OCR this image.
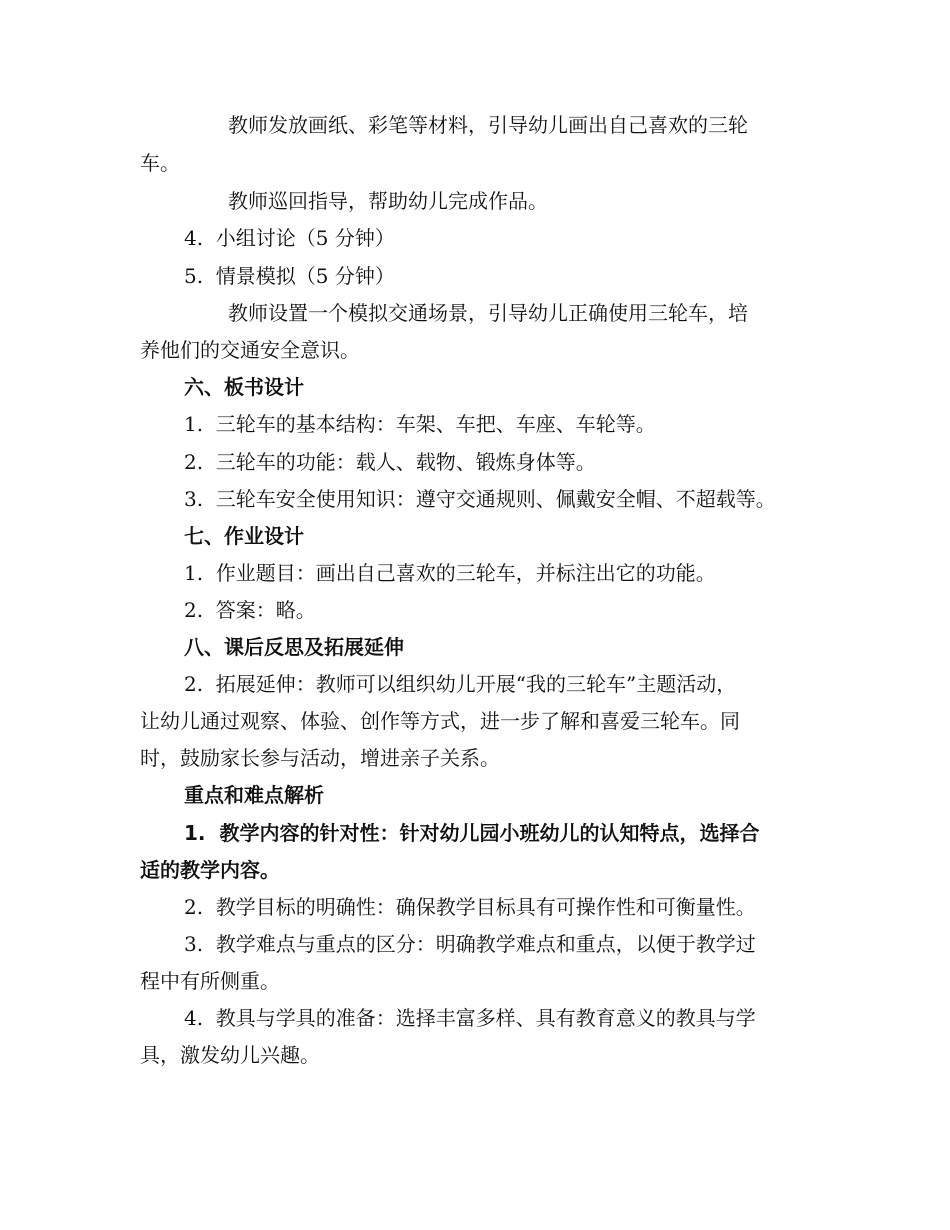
教师发放画纸、彩笔等材料，引导幼儿画出自己喜欢的三轮
车。
教师巡回指导，帮助幼儿完成作品。
4.  小组讨论（5 分钟）
5.  情景模拟（5 分钟）
教师设置一个模拟交通场景，引导幼儿正确使用三轮车，培
养他们的交通安全意识。
六、板书设计
1.  三轮车的基本结构：车架、车把、车座、车轮等。
2.  三轮车的功能：载人、载物、锻炼身体等。
3.  三轮车安全使用知识：遵守交通规则、佩戴安全帽、不超载等。
七、作业设计
1.  作业题目：画出自己喜欢的三轮车，并标注出它的功能。
2.  答案：略。
八、课后反思及拓展延伸
2.  拓展延伸：教师可以组织幼儿开展“我的三轮车”主题活动，
让幼儿通过观察、体验、创作等方式，进一步了解和喜爱三轮车。同
时，鼓励家长参与活动，增进亲子关系。
重点和难点解析
1.  教学内容的针对性：针对幼儿园小班幼儿的认知特点，选择合
适的教学内容。
2.  教学目标的明确性：确保教学目标具有可操作性和可衡量性。
3.  教学难点与重点的区分：明确教学难点和重点，以便于教学过
程中有所侧重。
4.  教具与学具的准备：选择丰富多样、具有教育意义的教具与学
具，激发幼儿兴趣。
